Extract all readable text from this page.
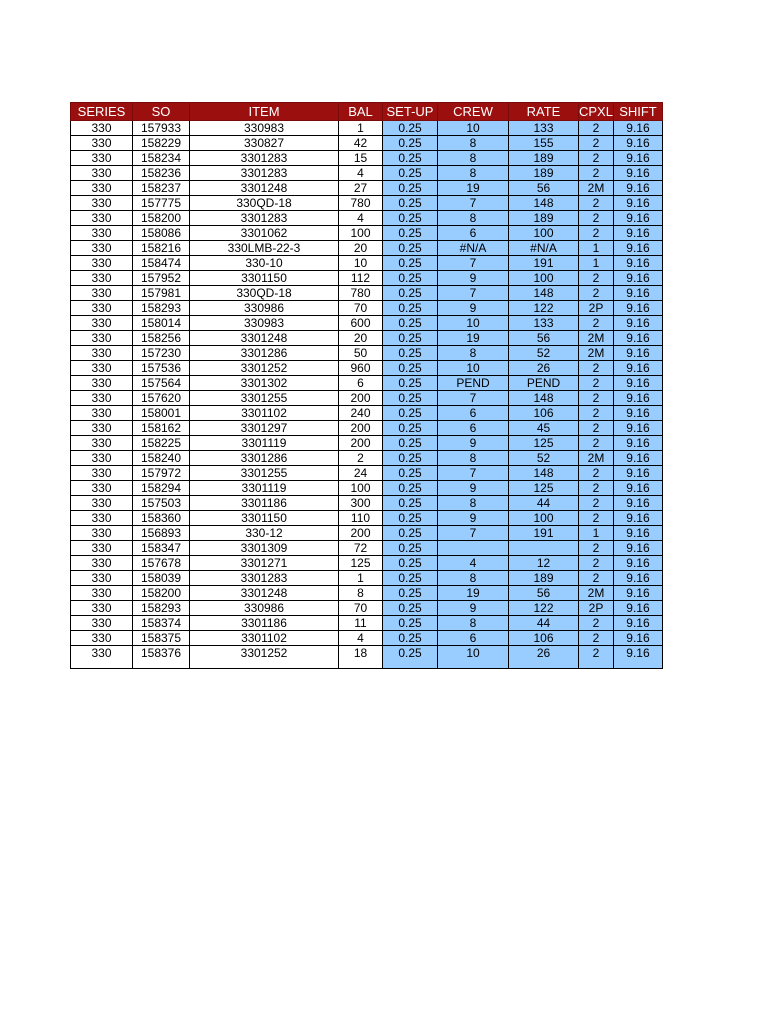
SERIES	SO	ITEM	BAL	SET-UP	CREW	RATE	CPXL	SHIFT
330	157933	330983	1	0.25	10	133	2	9.16
330	158229	330827	42	0.25	8	155	2	9.16
330	158234	3301283	15	0.25	8	189	2	9.16
330	158236	3301283	4	0.25	8	189	2	9.16
330	158237	3301248	27	0.25	19	56	2M	9.16
330	157775	330QD-18	780	0.25	7	148	2	9.16
330	158200	3301283	4	0.25	8	189	2	9.16
330	158086	3301062	100	0.25	6	100	2	9.16
330	158216	330LMB-22-3	20	0.25	#N/A	#N/A	1	9.16
330	158474	330-10	10	0.25	7	191	1	9.16
330	157952	3301150	112	0.25	9	100	2	9.16
330	157981	330QD-18	780	0.25	7	148	2	9.16
330	158293	330986	70	0.25	9	122	2P	9.16
330	158014	330983	600	0.25	10	133	2	9.16
330	158256	3301248	20	0.25	19	56	2M	9.16
330	157230	3301286	50	0.25	8	52	2M	9.16
330	157536	3301252	960	0.25	10	26	2	9.16
330	157564	3301302	6	0.25	PEND	PEND	2	9.16
330	157620	3301255	200	0.25	7	148	2	9.16
330	158001	3301102	240	0.25	6	106	2	9.16
330	158162	3301297	200	0.25	6	45	2	9.16
330	158225	3301119	200	0.25	9	125	2	9.16
330	158240	3301286	2	0.25	8	52	2M	9.16
330	157972	3301255	24	0.25	7	148	2	9.16
330	158294	3301119	100	0.25	9	125	2	9.16
330	157503	3301186	300	0.25	8	44	2	9.16
330	158360	3301150	110	0.25	9	100	2	9.16
330	156893	330-12	200	0.25	7	191	1	9.16
330	158347	3301309	72	0.25			2	9.16
330	157678	3301271	125	0.25	4	12	2	9.16
330	158039	3301283	1	0.25	8	189	2	9.16
330	158200	3301248	8	0.25	19	56	2M	9.16
330	158293	330986	70	0.25	9	122	2P	9.16
330	158374	3301186	11	0.25	8	44	2	9.16
330	158375	3301102	4	0.25	6	106	2	9.16
330	158376	3301252	18	0.25	10	26	2	9.16
